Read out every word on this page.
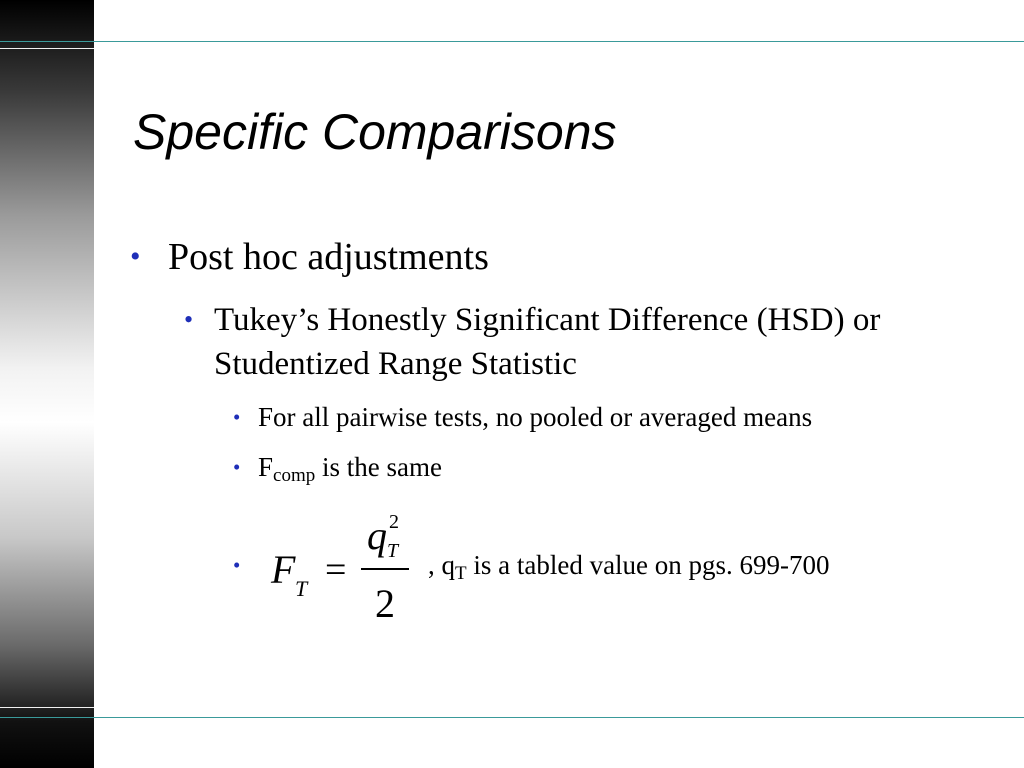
Specific Comparisons
• Post hoc adjustments
• Tukey’s Honestly Significant Difference (HSD) or Studentized Range Statistic
• For all pairwise tests, no pooled or averaged means
• $F_{comp}$ is the same
• F T =
q 2
T
2
, $q_T$ is a tabled value on pgs. 699-700
